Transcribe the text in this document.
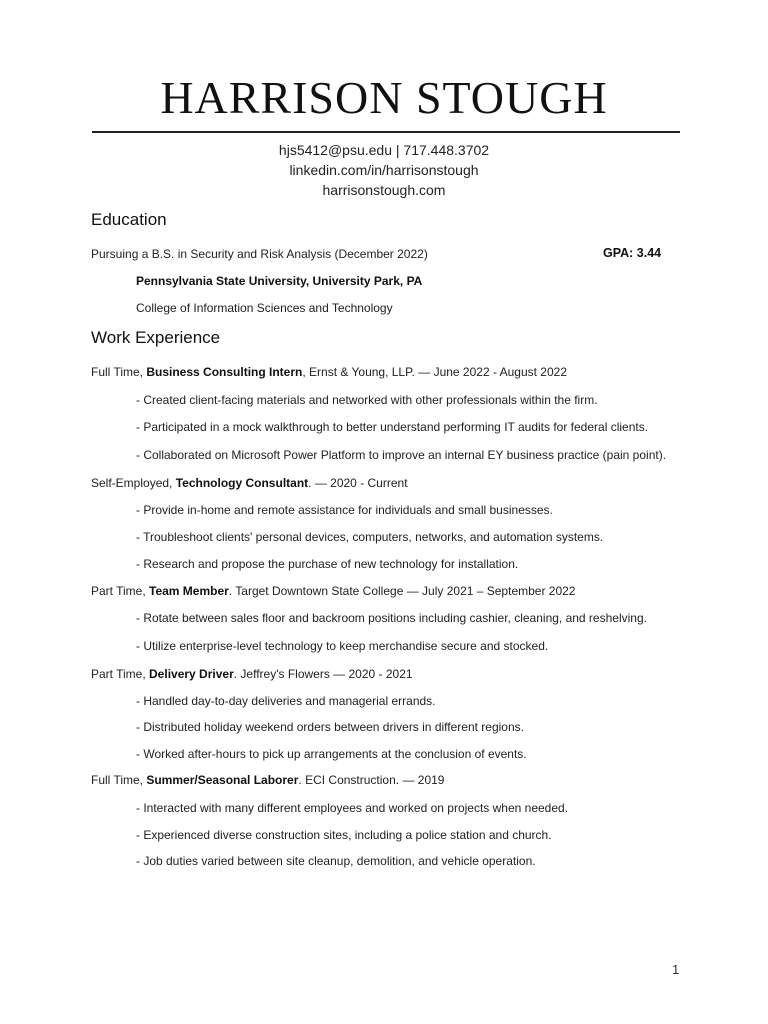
HARRISON STOUGH
hjs5412@psu.edu | 717.448.3702
linkedin.com/in/harrisonstough
harrisonstough.com
Education
Pursuing a B.S. in Security and Risk Analysis (December 2022)	GPA: 3.44
Pennsylvania State University, University Park, PA
College of Information Sciences and Technology
Work Experience
Full Time, Business Consulting Intern, Ernst & Young, LLP. — June 2022 - August 2022
- Created client-facing materials and networked with other professionals within the firm.
- Participated in a mock walkthrough to better understand performing IT audits for federal clients.
- Collaborated on Microsoft Power Platform to improve an internal EY business practice (pain point).
Self-Employed, Technology Consultant. — 2020 - Current
- Provide in-home and remote assistance for individuals and small businesses.
- Troubleshoot clients' personal devices, computers, networks, and automation systems.
- Research and propose the purchase of new technology for installation.
Part Time, Team Member. Target Downtown State College — July 2021 – September 2022
- Rotate between sales floor and backroom positions including cashier, cleaning, and reshelving.
- Utilize enterprise-level technology to keep merchandise secure and stocked.
Part Time, Delivery Driver. Jeffrey's Flowers — 2020 - 2021
- Handled day-to-day deliveries and managerial errands.
- Distributed holiday weekend orders between drivers in different regions.
- Worked after-hours to pick up arrangements at the conclusion of events.
Full Time, Summer/Seasonal Laborer. ECI Construction. — 2019
- Interacted with many different employees and worked on projects when needed.
- Experienced diverse construction sites, including a police station and church.
- Job duties varied between site cleanup, demolition, and vehicle operation.
1
